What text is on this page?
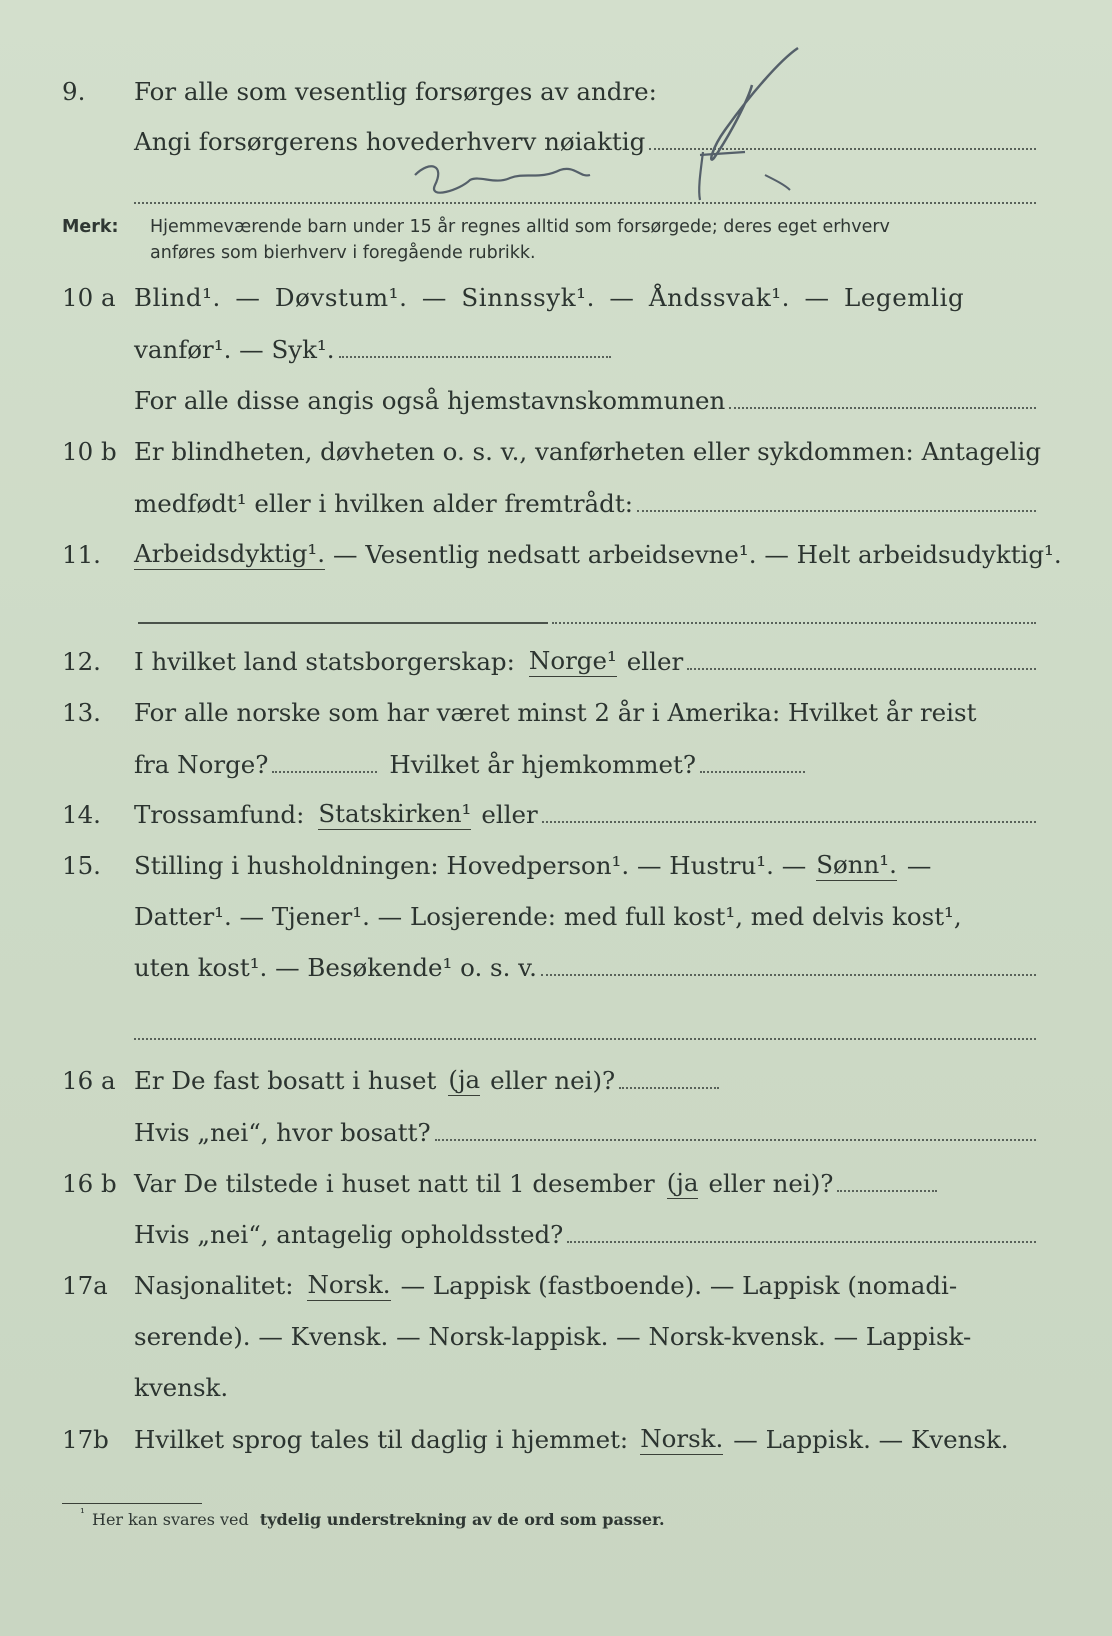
9.	For alle som vesentlig forsørges av andre:
Angi forsørgerens hovederhverv nøiaktig
Merk: Hjemmeværende barn under 15 år regnes alltid som forsørgede; deres eget erhverv
anføres som bierhverv i foregående rubrikk.
10 a Blind¹. — Døvstum¹. — Sinnssyk¹. — Åndssvak¹. — Legemlig
vanfør¹. — Syk¹.
For alle disse angis også hjemstavnskommunen
10 b Er blindheten, døvheten o. s. v., vanførheten eller sykdommen: Antagelig
medfødt¹ eller i hvilken alder fremtrådt:
11.	Arbeidsdyktig¹. — Vesentlig nedsatt arbeidsevne¹. — Helt arbeidsudyktig¹.
12.	I hvilket land statsborgerskap: Norge¹ eller
13.	For alle norske som har været minst 2 år i Amerika: Hvilket år reist
fra Norge?	Hvilket år hjemkommet?
14.	Trossamfund: Statskirken¹ eller
15.	Stilling i husholdningen: Hovedperson¹. — Hustru¹. — Sønn¹. —
Datter¹. — Tjener¹. — Losjerende: med full kost¹, med delvis kost¹,
uten kost¹. — Besøkende¹ o. s. v.
16 a Er De fast bosatt i huset (ja eller nei)?
Hvis „nei“, hvor bosatt?
16 b Var De tilstede i huset natt til 1 desember (ja eller nei)?
Hvis „nei“, antagelig opholdssted?
17a	Nasjonalitet: Norsk. — Lappisk (fastboende). — Lappisk (nomadi-
serende). — Kvensk. — Norsk-lappisk. — Norsk-kvensk. — Lappisk-
kvensk.
17b	Hvilket sprog tales til daglig i hjemmet: Norsk. — Lappisk. — Kvensk.
¹ Her kan svares ved tydelig understrekning av de ord som passer.
